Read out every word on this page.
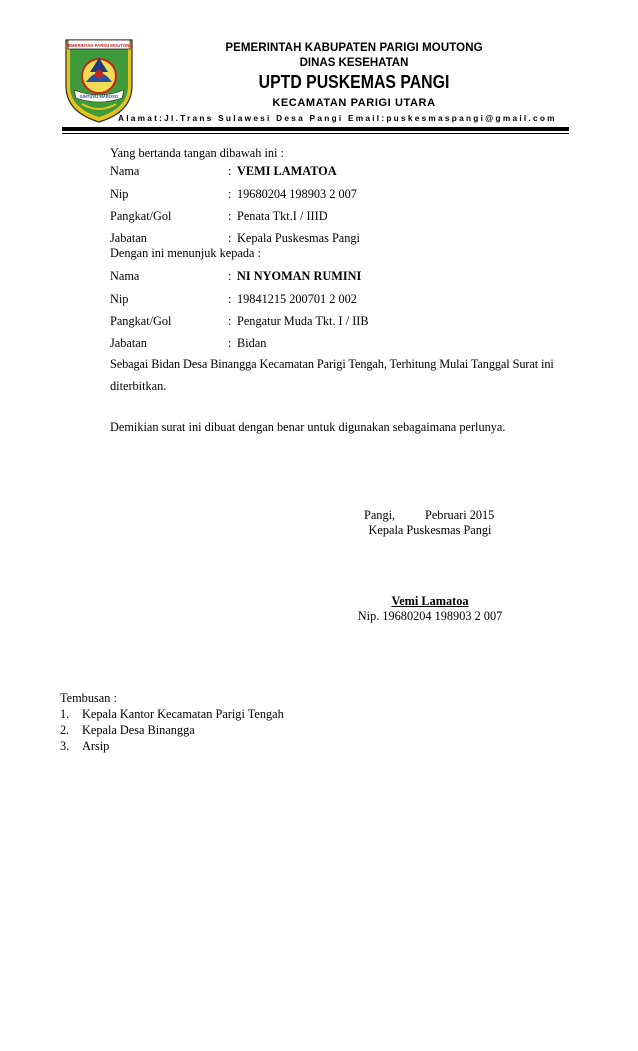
PEMERINTAH PARIGI MOUTONG
SINTUVU MAROSO
PEMERINTAH KABUPATEN PARIGI MOUTONG
DINAS KESEHATAN
UPTD PUSKEMAS PANGI
KECAMATAN PARIGI UTARA
Alamat:Jl.Trans Sulawesi Desa Pangi Email:puskesmaspangi@gmail.com
Yang bertanda tangan dibawah ini :
Nama	: VEMI LAMATOA
Nip	: 19680204 198903 2 007
Pangkat/Gol	: Penata Tkt.I / IIID
Jabatan	: Kepala Puskesmas Pangi
Dengan ini menunjuk kepada :
Nama	: NI NYOMAN RUMINI
Nip	: 19841215 200701 2 002
Pangkat/Gol	: Pengatur Muda Tkt. I / IIB
Jabatan	: Bidan
Sebagai Bidan Desa Binangga Kecamatan Parigi Tengah, Terhitung Mulai Tanggal Surat ini
diterbitkan.
Demikian surat ini dibuat dengan benar untuk digunakan sebagaimana perlunya.
Pangi, Pebruari 2015
Kepala Puskesmas Pangi
Vemi Lamatoa
Nip. 19680204 198903 2 007
Tembusan :
1. Kepala Kantor Kecamatan Parigi Tengah
2. Kepala Desa Binangga
3. Arsip
